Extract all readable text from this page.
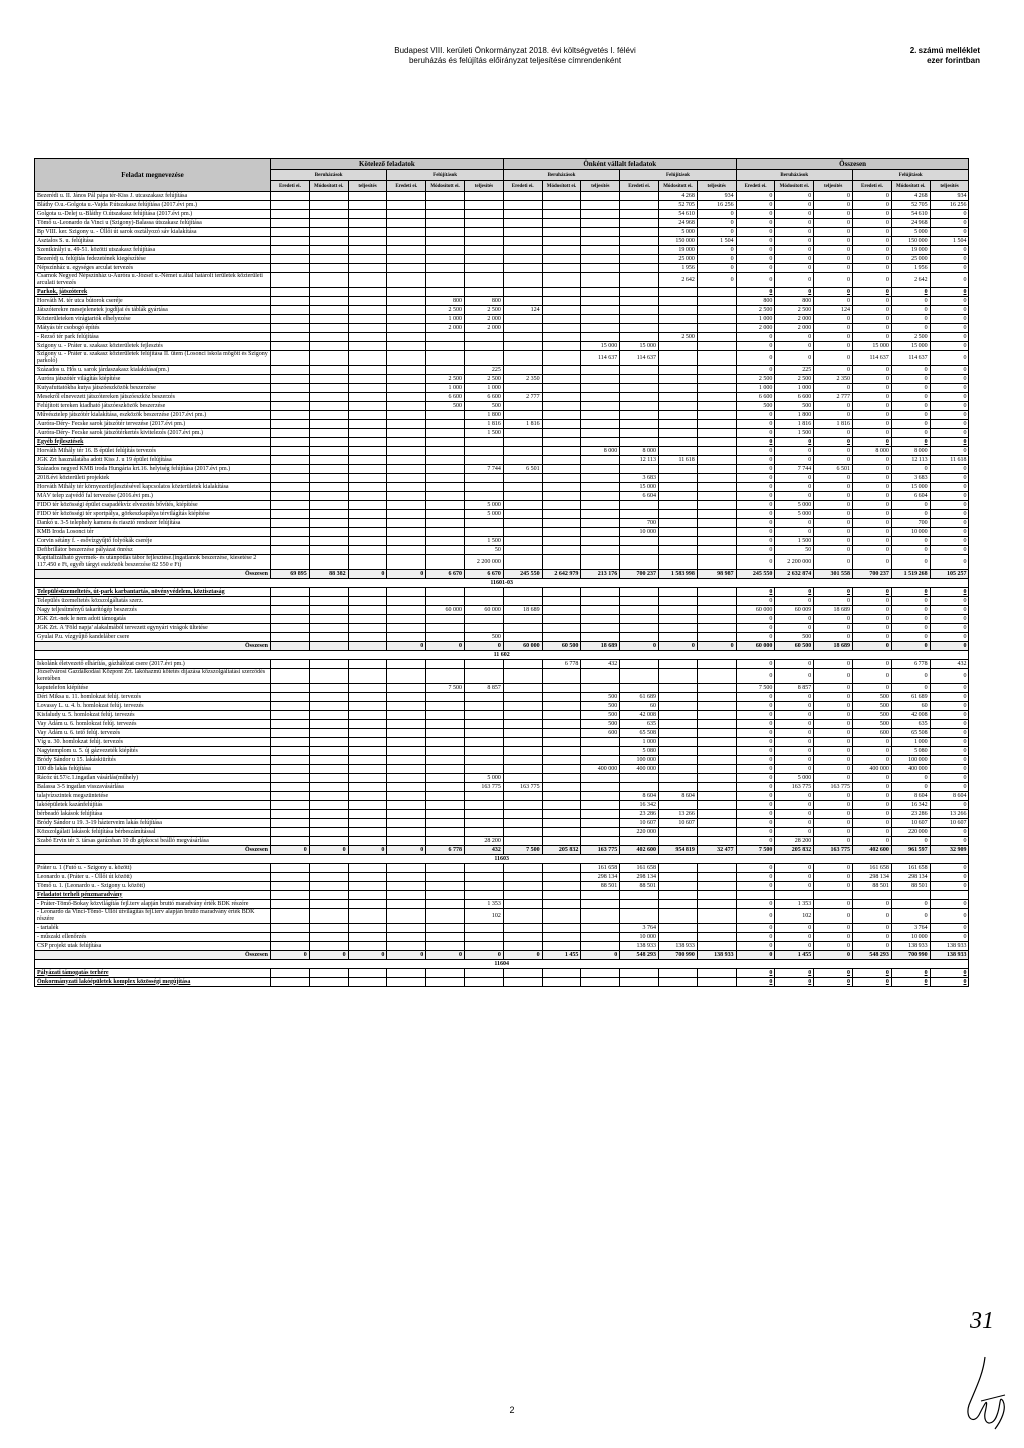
Budapest VIII. kerületi Önkormányzat 2018. évi költségvetés I. félévi
beruházás és felújítás előirányzat teljesítése címrendenként
2. számú melléklet
ezer forintban
Feladat megnevezése	Kötelező feladatok						Önként vállalt feladatok						Összesen					
	Beruházások			Felújítások			Beruházások			Felújítások			Beruházások			Felújítások		
	Eredeti ei.	Módosított ei.	teljesítés	Eredeti ei.	Módosított ei.	teljesítés	Eredeti ei.	Módosított ei.	teljesítés	Eredeti ei.	Módosított ei.	teljesítés	Eredeti ei.	Módosított ei.	teljesítés	Eredeti ei.	Módosított ei.	teljesítés
Bezerédi u. II. János Pál pápa tér-Kiss J. utcaszakasz felújítása											4 268	934	0	0	0	0	4 268	934
Bláthy O.u.-Golgota u.-Vajda P.útszakasz felújítása (2017.évi pm.)											52 705	16 256	0	0	0	0	52 705	16 256
Golgota u.-Delej u.-Bláthy O.útszakasz felújítása (2017.évi pm.)											54 610	0	0	0	0	0	54 610	0
Tömő u.-Leonardo da Vinci u (Szigony)-Balassa útszakasz felújítása											24 968	0	0	0	0	0	24 968	0
Bp VIII. ker. Szigony u. - Üllői út sarok osztályozó sáv kialakítása											5 000	0	0	0	0	0	5 000	0
Asztalos S. u. felújítása											150 000	1 504	0	0	0	0	150 000	1 504
Szentkirályi u. 49-51. közötti utszakasz felújítása											19 000	0	0	0	0	0	19 000	0
Bezerédj u. felújítás fedezetének kiegészítése											25 000	0	0	0	0	0	25 000	0
Népszínház u. egységes arculat tervezés											1 956	0	0	0	0	0	1 956	0
Csarnok Negyed Népszínház u-Auróra u.-József u.-Német u.által határolt területek közterületi arculati tervezés											2 642	0	0	0	0	0	2 642	0
Parkok, játszóterek													0	0	0	0	0	0
Horváth M. tér utca bútorok cseréje					800	800							800	800	0	0	0	0
Játszóterekre mesejelenetek jogdíjai és táblák gyártása					2 500	2 500	124						2 500	2 500	124	0	0	0
Közterületeken virágtartók elhelyezése					1 000	2 000							1 000	2 000	0	0	0	0
Mátyás tér csobogó építés					2 000	2 000							2 000	2 000	0	0	0	0
- Rezső tér park felújítása											2 500		0	0	0	0	2 500	0
Szigony u. - Práter u. szakasz közterületek fejlesztés									15 000	15 000			0	0	0	15 000	15 000	0
Szigony u. - Práter u. szakasz közterületek felújítása II. ütem (Losonci iskola mögött és Szigony parkoló)									114 637	114 637			0	0	0	114 637	114 637	0
Százados u. Hős u. sarok járdaszakasz kialakítása(pm.)						225							0	225	0	0	0	0
Auróra játszótér világítás kiépítése					2 500	2 500	2 350						2 500	2 500	2 350	0	0	0
Kutyafuttatókba kutya játszóeszközök beszerzése					1 000	1 000							1 000	1 000	0	0	0	0
Mesekről elnevezett játszótereken játszóeszköz beszerzés					6 600	6 600	2 777						6 600	6 600	2 777	0	0	0
Felújított tereken kiadható játszóeszközök beszerzése					500	500							500	500	0	0	0	0
Művésztelep játszótér kialakítása, eszközök beszerzése (2017.évi pm.)						1 800							0	1 800	0	0	0	0
Auróra-Déry- Fecske sarok játszótér tervezése (2017.évi pm.)						1 816	1 816						0	1 816	1 816	0	0	0
Auróra-Déry- Fecske sarok játszótérkertés kivitelezés (2017.évi pm.)						1 500							0	1 500	0	0	0	0
Egyéb fejlesztések													0	0	0	0	0	0
Horváth Mihály tér 16. B épület felújítás tervezés									8 000	8 000			0	0	0	8 000	8 000	0
JGK Zrt használatába adott Kiss J. u 19 épület felújítása										12 113	11 618		0	0	0	0	12 113	11 618
Százados negyed KMB iroda Hungária krt.16. helyiség felújítása (2017.évi pm.)						7 744	6 501						0	7 744	6 501	0	0	0
2018.évi közterületi projektek										3 683			0	0	0	0	3 683	0
Horváth Mihály tér környezetfejlesztésével kapcsolatos közterületek kialakítása										15 000			0	0	0	0	15 000	0
MÁV telep zajvédő fal tervezése (2016.évi pm.)										6 604			0	0	0	0	6 604	0
FIDO tér közösségi épület csapadékvíz elvezetés bővítés, kiépítése						5 000							0	5 000	0	0	0	0
FIDO tér közösségi tér sportpálya, görkeszkapálya térvilágítás kiépítése						5 000							0	5 000	0	0	0	0
Dankó u. 3-5 telephely kamera és riasztó rendszer felújítása										700			0	0	0	0	700	0
KMB Iroda Losonci tér										10 000			0	0	0	0	10 000	0
Corvin sétány f. - esővízgyűjtő folyókák cseréje						1 500							0	1 500	0	0	0	0
Defibrillátor beszerzése pályázat önrész						50							0	50	0	0	0	0
Kapitalizálható gyermek- és utánpótlás tábor fejlesztése.(ingatlanok beszerzése, kiesetése 2 117.450 e Ft, egyéb tárgyi eszközök beszerzése 82 550 e Ft)						2 200 000							0	2 200 000	0	0	0	0
Összesen	69 895	88 382	0	0	6 670	6 670	245 550	2 642 979	213 176	700 237	1 583 998	98 987	245 550	2 632 874	301 558	700 237	1 519 268	105 257
11601-03																		
Településüzemeltetés, út-park karbantartás, növényvédelem, köztisztaság													0	0	0	0	0	0
Település üzemeltetés közszolgáltatás szerz.													0	0	0	0	0	0
Nagy teljesítményű takarítógép beszerzés					60 000	60 000	18 689						60 000	60 009	18 689	0	0	0
JGK Zrt.-nek le nem adott támogatás													0	0	0	0	0	0
JGK Zrt. A 'Föld napja' alakalmából tervezett egynyári virágok ültetése													0	0	0	0	0	0
Gyulai P.u. vízgyűjtő kandeláber csere						500							0	500	0	0	0	0
Összesen				0	0	0	60 000	60 500	18 689	0	0	0	60 000	60 500	18 689	0	0	0
11 602																		
Iskolánk életvezető elhárítás, gázhálózat csere (2017.évi pm.)								6 778	432				0	0	0	0	6 778	432
Józsefvárosi Gazdálkodási Központ Zrt. lakóhazmű kötetés díjazása közszolgáltatási szerződés keretében													0	0	0	0	0	0
kaputelefon kiépítése					7 500	8 857							7 500	8 857	0	0	0	0
Déri Miksa u. 11. homlokzat felúj. tervezés									500	61 689			0	0	0	500	61 689	0
Lovassy L. u. 4. b. homlokzat felúj. tervezés									500	60			0	0	0	500	60	0
Kisfaludy u. 5. homlokzat felúj. tervezés									500	42 008			0	0	0	500	42 008	0
Vay Ádám u. 6. homlokzat felúj. tervezés									500	635			0	0	0	500	635	0
Vay Ádám u. 6. tető felúj. tervezés									600	65 508			0	0	0	600	65 508	0
Víg u. 30. homlokzat felúj. tervezés										1 000			0	0	0	0	1 000	0
Nagytemplom u. 5. új gázvezeték kiépítés										5 080			0	0	0	0	5 080	0
Bródy Sándor u 15. lakáskiürítés										100 000			0	0	0	0	100 000	0
100 db lakás felújítása									400 000	400 000			0	0	0	400 000	400 000	0
Rácóz út.57/c.1.ingatlan vásárlás(műhely)						5 000							0	5 000	0	0	0	0
Balassa 3-5 ingatlan visszavásárlása						163 775	163 775						0	163 775	163 775	0	0	0
talajvízszintek megszüntetése										8 604	8 604		0	0	0	0	8 604	8 604
lakóépületek kazánfelújítás										16 342			0	0	0	0	16 342	0
bérbeadó lakások felújítása										23 286	13 266		0	0	0	0	23 286	13 266
Bródy Sándor u 19. 3-19 házterveim lakás felújítása										10 607	10 607		0	0	0	0	10 607	10 607
Közszolgálati lakások felújítása bérbeszámítással										220 000			0	0	0	0	220 000	0
Szabó Ervin tér 3. társas garázsban 10 db gépkocsi beálló megvásárlása						28 200							0	28 200	0	0	0	0
Összesen	0	0	0	0	6 778	432	7 500	205 832	163 775	402 600	954 819	32 477	7 500	205 832	163 775	402 600	961 597	32 909
11603																		
Práter u. 1 (Futó u. - Szigony u. között)									161 658	161 658			0	0	0	161 658	161 658	0
Leonardo u. (Práter u. - Üllői út között)									298 134	298 134			0	0	0	298 134	298 134	0
Tömő u. 1. (Leonardo u. - Szigony u. között)									88 501	88 501			0	0	0	88 501	88 501	0
Feladatot terheli pénzmaradvány																		
- Práter-Tömő-Bokay közvilágítás fejl.terv alapján bruttó maradvány érték BDK részére						1 353							0	1 353	0	0	0	0
- Leonardo da Vinci-Tömő- Üllői útvilágítás fejl.terv alapján bruttó maradvány érték BDK részére						102							0	102	0	0	0	0
- tartalék										3 764			0	0	0	0	3 764	0
- műszaki ellenőrzés										10 000			0	0	0	0	10 000	0
CSP projekt utak felújítása										138 933	138 933		0	0	0	0	138 933	138 933
Összesen	0	0	0	0	0	0	0	1 455	0	548 293	700 990	138 933	0	1 455	0	548 293	700 990	138 933
11604																		
Pályázati támogatás terhére													0	0	0	0	0	0
Önkormányzati lakóépületek komplex közösségi megújítása													0	0	0	0	0	0
31
2
